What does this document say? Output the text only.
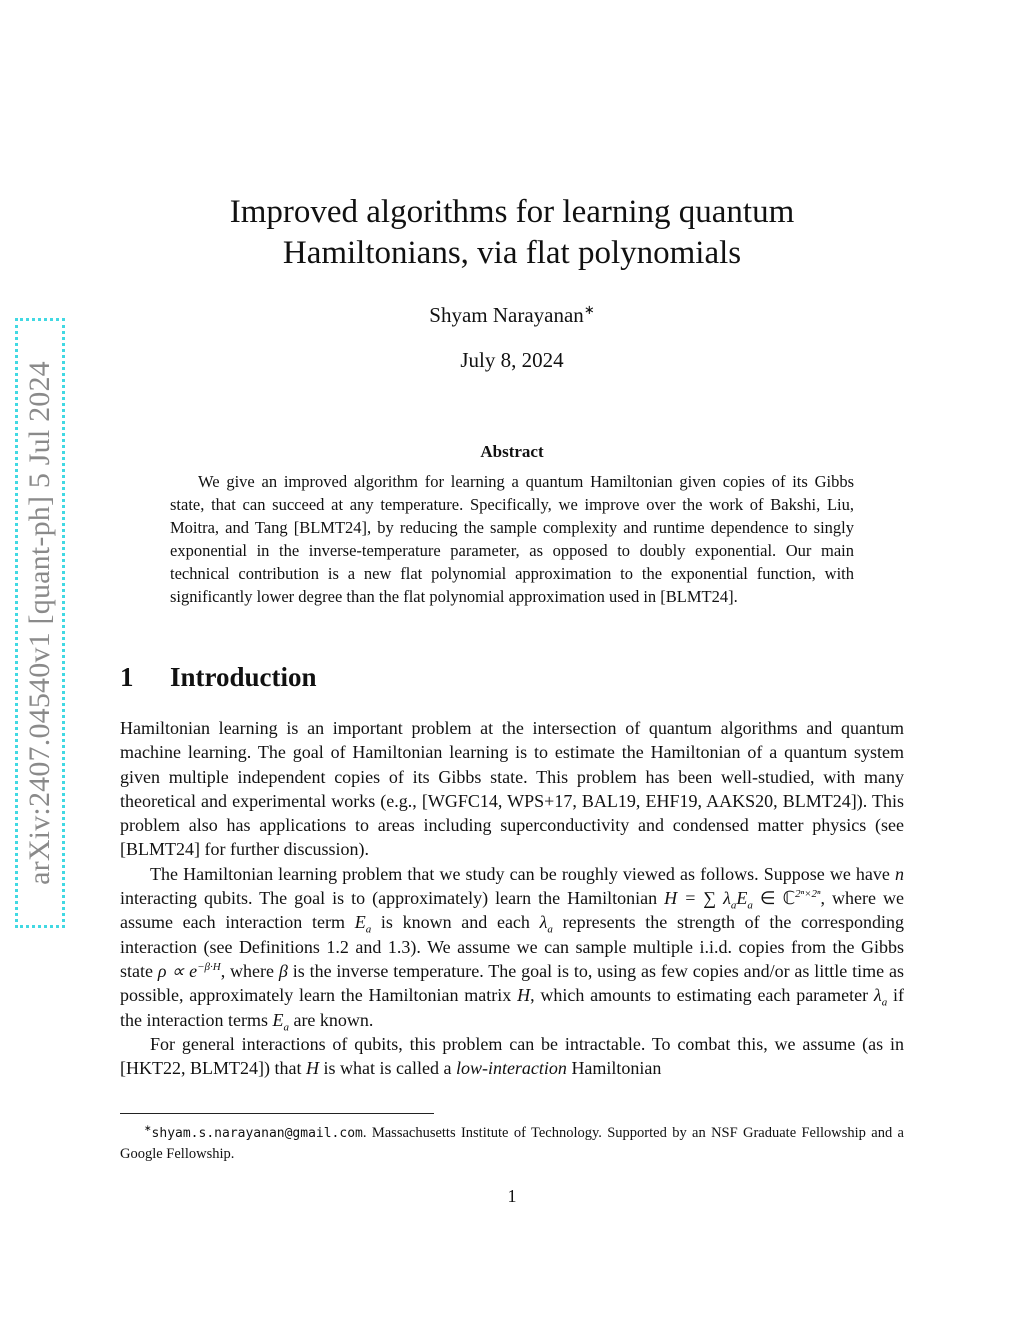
arXiv:2407.04540v1 [quant-ph] 5 Jul 2024
Improved algorithms for learning quantum
Hamiltonians, via flat polynomials
Shyam Narayanan∗
July 8, 2024
Abstract

We give an improved algorithm for learning a quantum Hamiltonian given copies of its Gibbs state, that can succeed at any temperature. Specifically, we improve over the work of Bakshi, Liu, Moitra, and Tang [BLMT24], by reducing the sample complexity and runtime dependence to singly exponential in the inverse-temperature parameter, as opposed to doubly exponential. Our main technical contribution is a new flat polynomial approximation to the exponential function, with significantly lower degree than the flat polynomial approximation used in [BLMT24].

1 Introduction

Hamiltonian learning is an important problem at the intersection of quantum algorithms and quantum machine learning. The goal of Hamiltonian learning is to estimate the Hamiltonian of a quantum system given multiple independent copies of its Gibbs state. This problem has been well-studied, with many theoretical and experimental works (e.g., [WGFC14, WPS+17, BAL19, EHF19, AAKS20, BLMT24]). This problem also has applications to areas including superconductivity and condensed matter physics (see [BLMT24] for further discussion).

The Hamiltonian learning problem that we study can be roughly viewed as follows. Suppose we have n interacting qubits. The goal is to (approximately) learn the Hamiltonian H = ∑ $\lambda_aE_a$ ∈ ℂ$^{2^n\times 2^n}$, where we assume each interaction term $E_a$ is known and each $\lambda_a$ represents the strength of the corresponding interaction (see Definitions 1.2 and 1.3). We assume we can sample multiple i.i.d. copies from the Gibbs state $\rho \propto e^{-\beta\cdot H}$, where β is the inverse temperature. The goal is to, using as few copies and/or as little time as possible, approximately learn the Hamiltonian matrix H, which amounts to estimating each parameter $\lambda_a$ if the interaction terms $E_a$ are known.

For general interactions of qubits, this problem can be intractable. To combat this, we assume (as in [HKT22, BLMT24]) that H is what is called a low-interaction Hamiltonian

∗shyam.s.narayanan@gmail.com. Massachusetts Institute of Technology. Supported by an NSF Graduate Fellowship and a Google Fellowship.

1
